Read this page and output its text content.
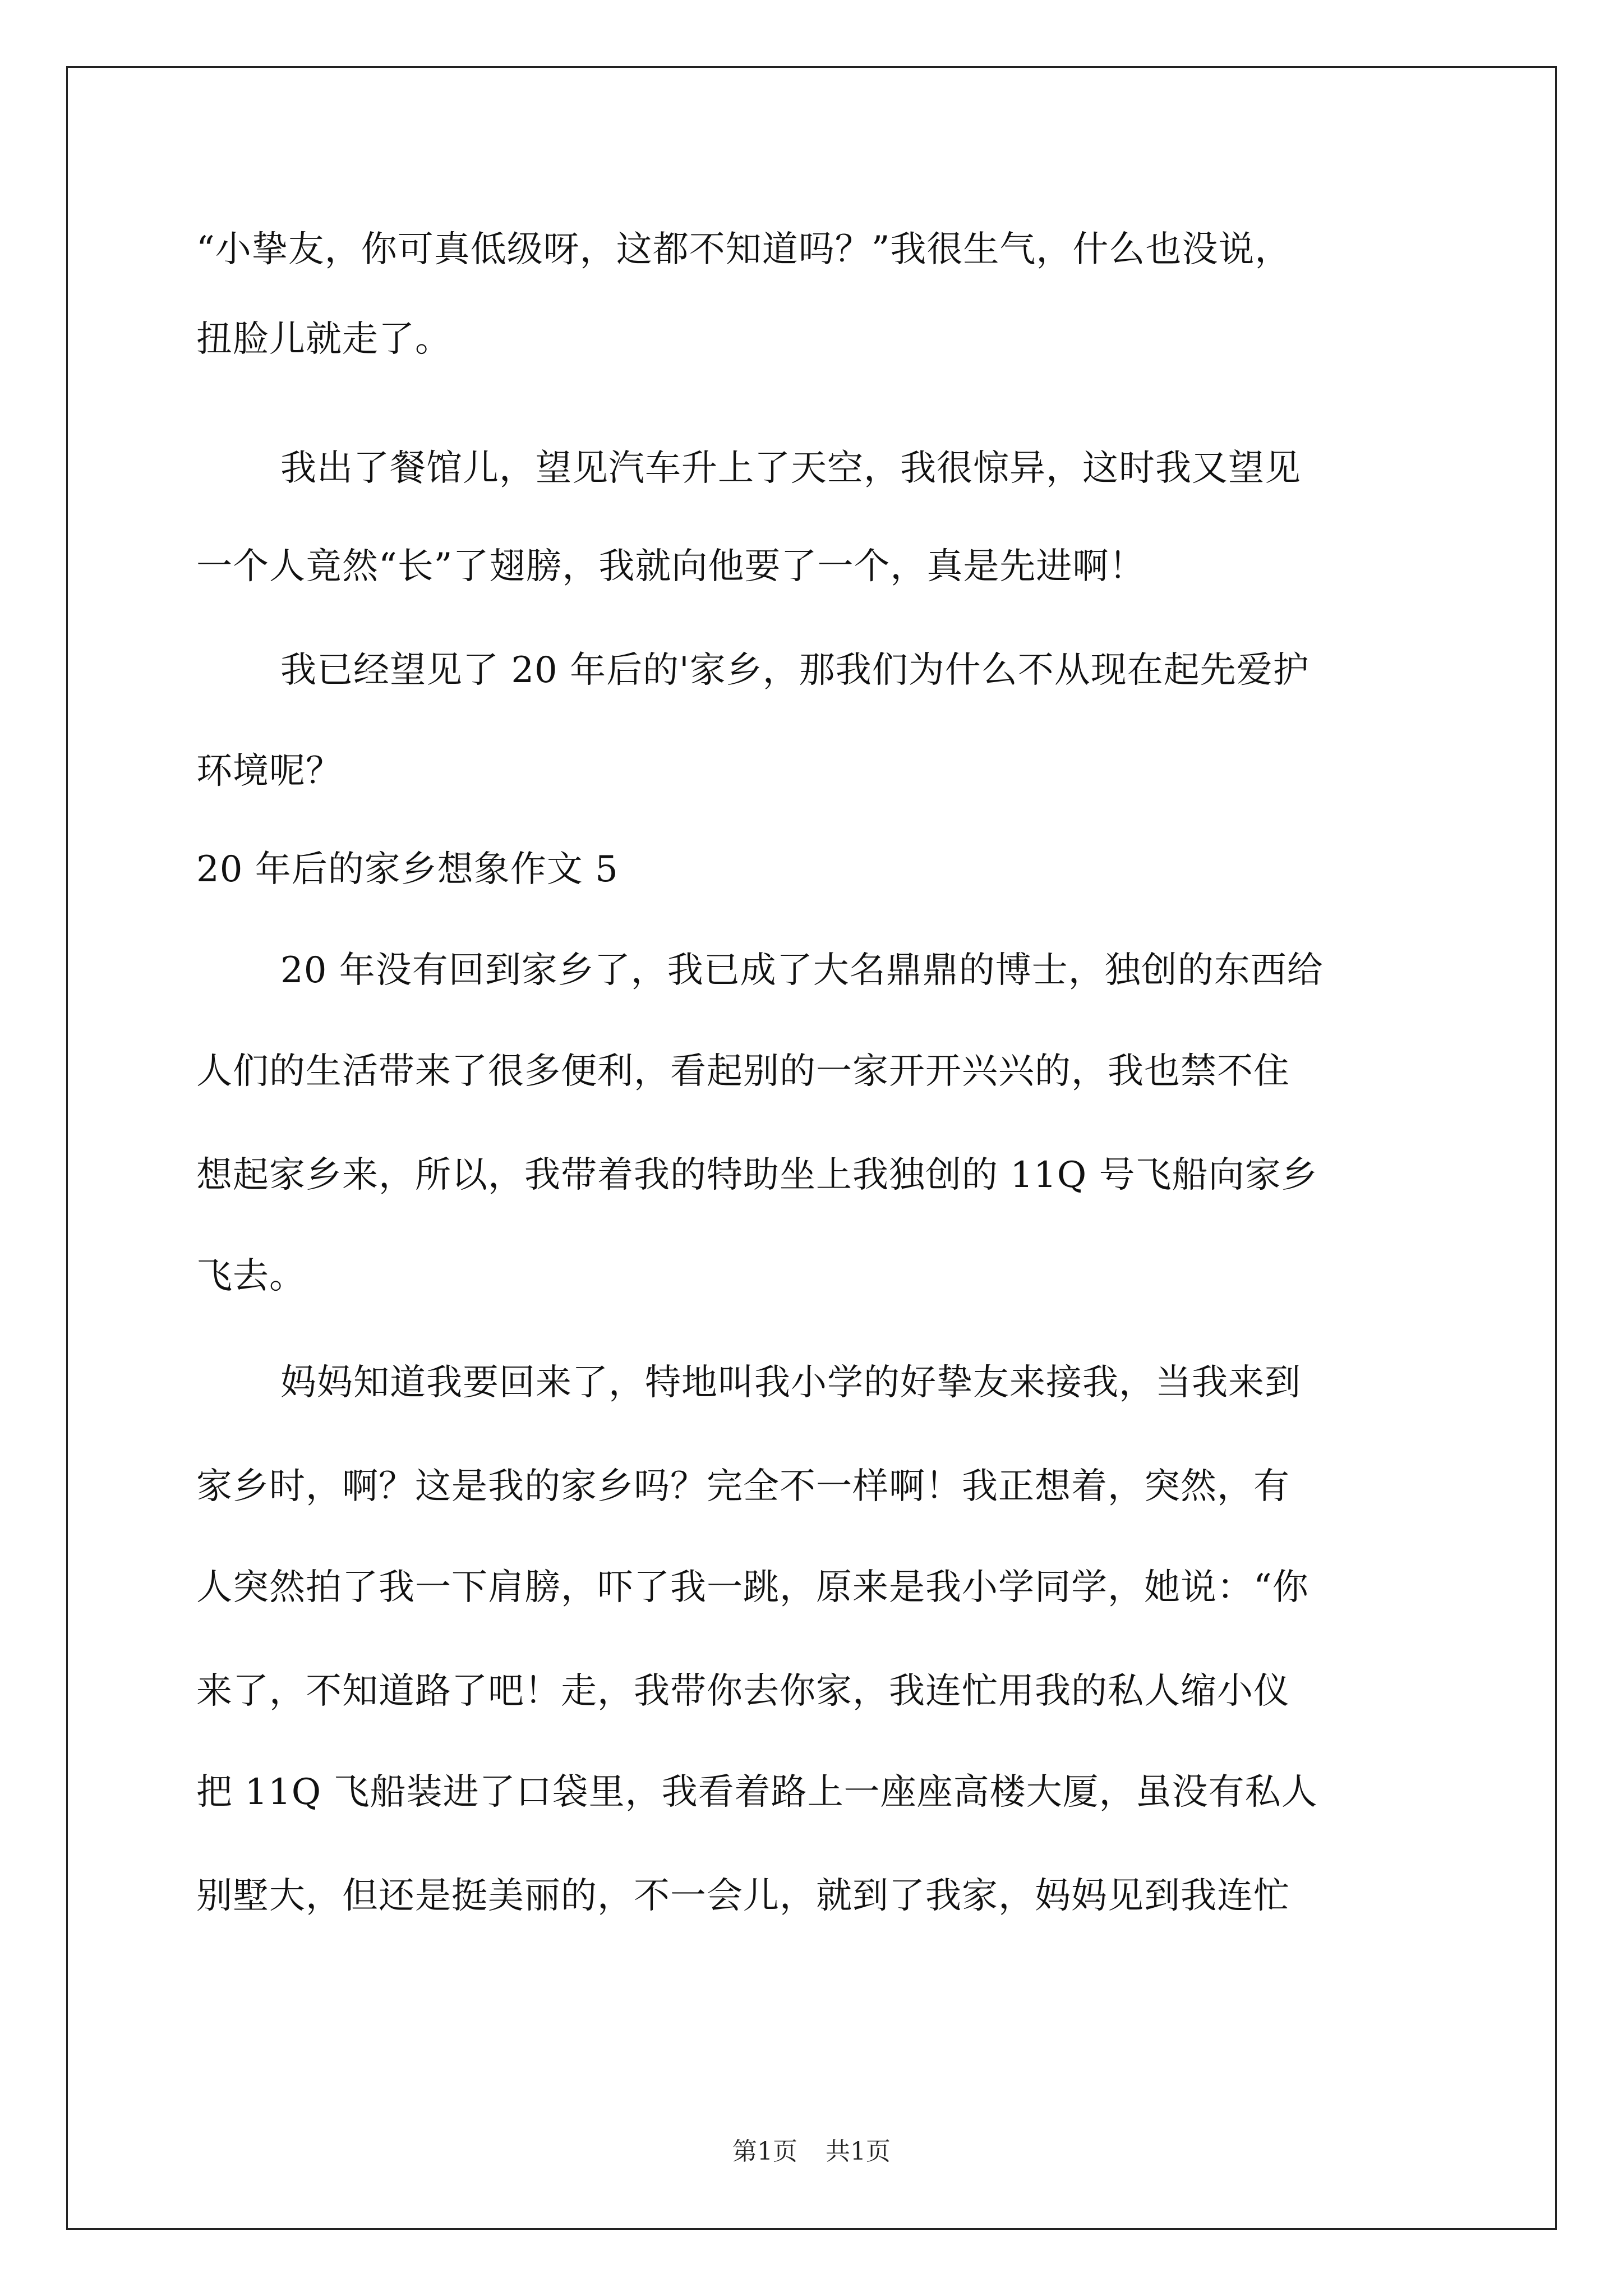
“小挚友，你可真低级呀，这都不知道吗？”我很生气，什么也没说，
扭脸儿就走了。
我出了餐馆儿，望见汽车升上了天空，我很惊异，这时我又望见
一个人竟然“长”了翅膀，我就向他要了一个，真是先进啊！
我已经望见了 20 年后的'家乡，那我们为什么不从现在起先爱护
环境呢？
20 年后的家乡想象作文 5
20 年没有回到家乡了，我已成了大名鼎鼎的博士，独创的东西给
人们的生活带来了很多便利，看起别的一家开开兴兴的，我也禁不住
想起家乡来，所以，我带着我的特助坐上我独创的 11Q 号飞船向家乡
飞去。
妈妈知道我要回来了，特地叫我小学的好挚友来接我，当我来到
家乡时，啊？这是我的家乡吗？完全不一样啊！我正想着，突然，有
人突然拍了我一下肩膀，吓了我一跳，原来是我小学同学，她说：“你
来了，不知道路了吧！走，我带你去你家，我连忙用我的私人缩小仪
把 11Q 飞船装进了口袋里，我看着路上一座座高楼大厦，虽没有私人
别墅大，但还是挺美丽的，不一会儿，就到了我家，妈妈见到我连忙
第1页 共1页
